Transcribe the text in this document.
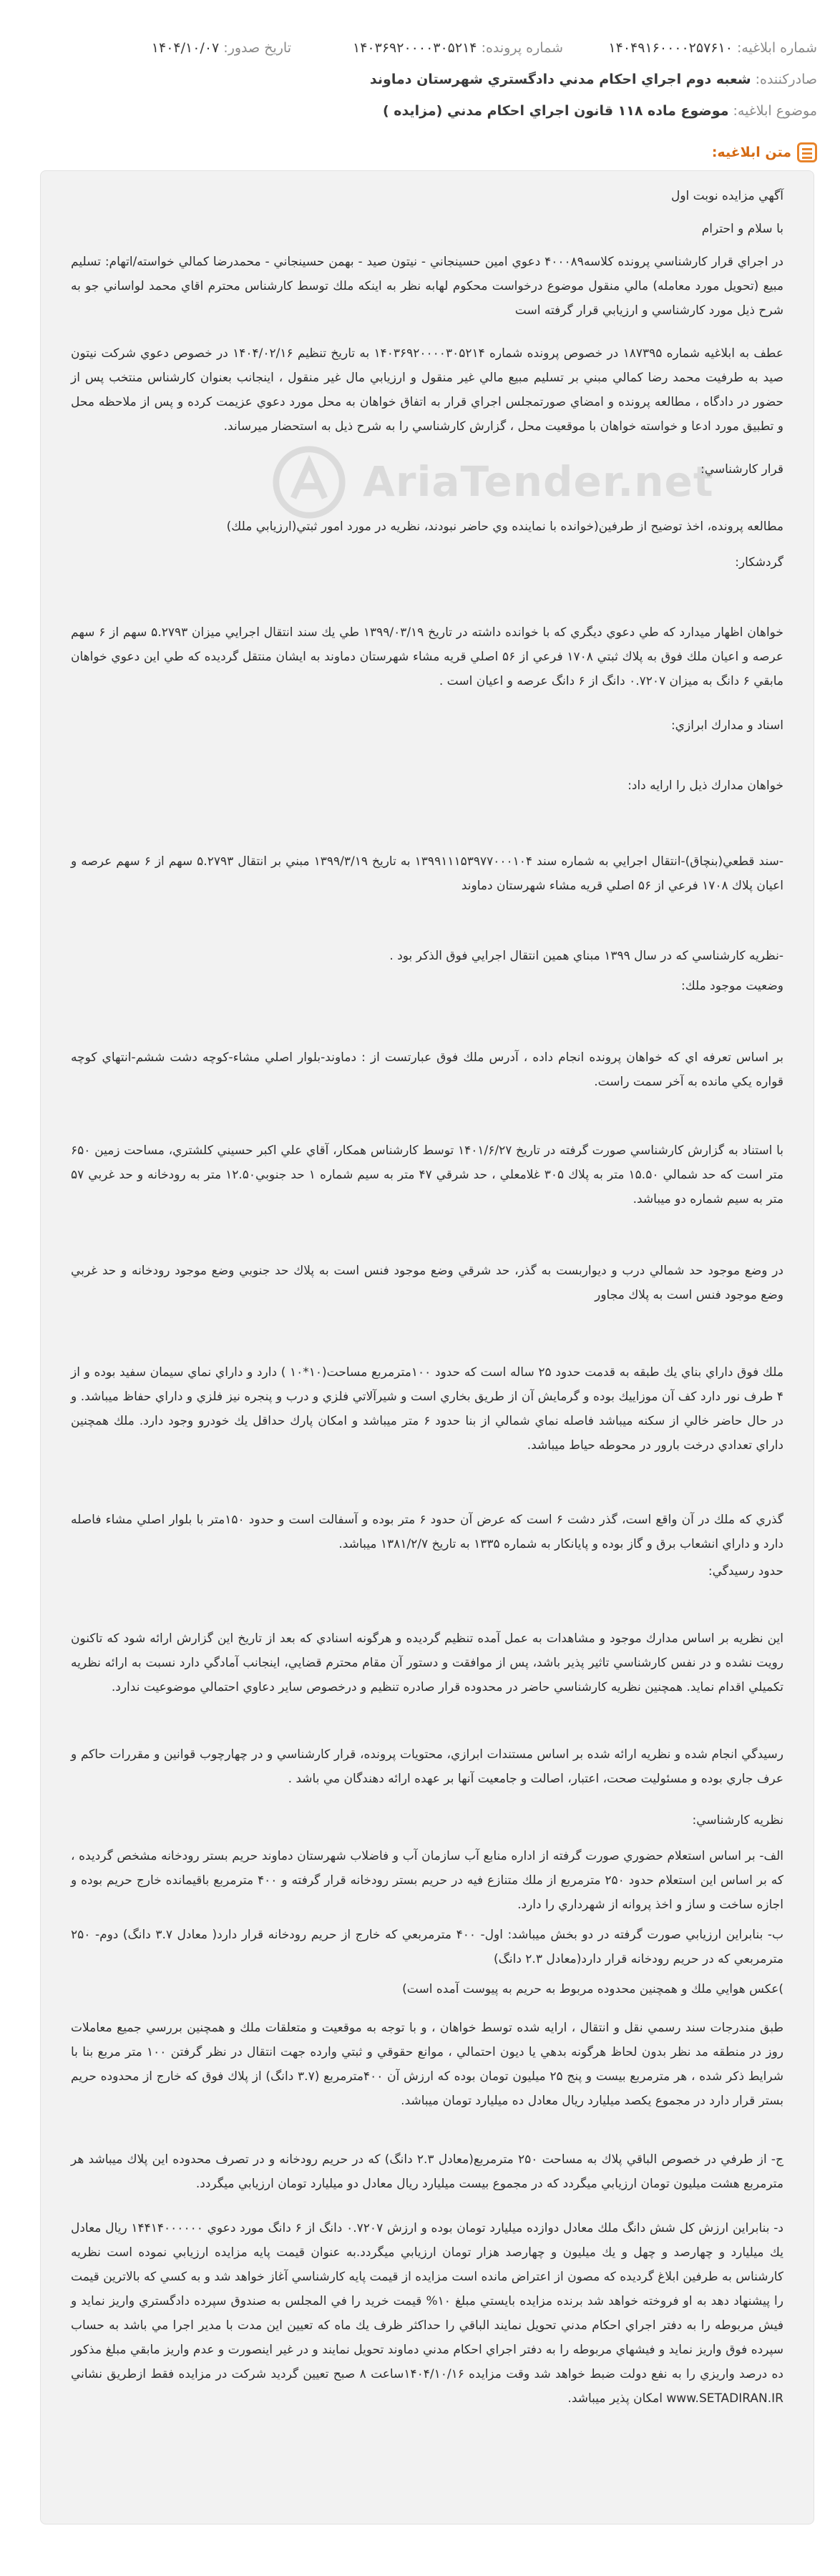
شماره ابلاغیه: ۱۴۰۴۹۱۶۰۰۰۰۲۵۷۶۱۰
شماره پرونده: ۱۴۰۳۶۹۲۰۰۰۰۳۰۵۲۱۴
تاریخ صدور: ۱۴۰۴/۱۰/۰۷
صادرکننده: شعبه دوم اجراي احكام مدني دادگستري شهرستان دماوند
موضوع ابلاغیه: موضوع ماده ۱۱۸ قانون اجراي احكام مدني (مزايده )
متن ابلاغیه:
AriaTender.net
آگهي مزايده نوبت اول
با سلام و احترام
در اجراي قرار كارشناسي پرونده كلاسه۴۰۰۰۸۹ دعوي امين حسينجاني - نيتون صيد - بهمن حسينجاني - محمدرضا كمالي خواسته/اتهام: تسليم مبيع (تحويل مورد معامله) مالي منقول موضوع درخواست محكوم لهابه نظر به اينكه ملك توسط كارشناس محترم اقاي محمد لواساني جو به شرح ذيل مورد كارشناسي و ارزيابي قرار گرفته است
عطف به ابلاغيه شماره ۱۸۷۳۹۵ در خصوص پرونده شماره ۱۴۰۳۶۹۲۰۰۰۰۳۰۵۲۱۴ به تاريخ تنظيم ۱۴۰۴/۰۲/۱۶ در خصوص دعوي شركت نيتون صيد به طرفيت محمد رضا كمالي مبني بر تسليم مبيع مالي غير منقول و ارزيابي مال غير منقول ، اينجانب بعنوان كارشناس منتخب پس از حضور در دادگاه ، مطالعه پرونده و امضاي صورتمجلس اجراي قرار به اتفاق خواهان به محل مورد دعوي عزيمت كرده و پس از ملاحظه محل و تطبيق مورد ادعا و خواسته خواهان با موقعيت محل ، گزارش كارشناسي را به شرح ذيل به استحضار ميرساند.
قرار كارشناسي:
مطالعه پرونده، اخذ توضيح از طرفين(خوانده با نماينده وي حاضر نبودند، نظريه در مورد امور ثبتي(ارزيابي ملك)
گردشكار:
خواهان اظهار ميدارد كه طي دعوي ديگري كه با خوانده داشته در تاريخ ۱۳۹۹/۰۳/۱۹ طي يك سند انتقال اجرايي ميزان ۵.۲۷۹۳ سهم از ۶ سهم عرصه و اعيان ملك فوق به پلاك ثبتي ۱۷۰۸ فرعي از ۵۶ اصلي قريه مشاء شهرستان دماوند به ايشان منتقل گرديده كه طي اين دعوي خواهان مابقي ۶ دانگ به ميزان ۰.۷۲۰۷ دانگ از ۶ دانگ عرصه و اعيان است .
اسناد و مدارك ابرازي:
خواهان مدارك ذيل را ارايه داد:
-سند قطعي(بنچاق)-انتقال اجرايي به شماره سند ۱۳۹۹۱۱۱۵۳۹۷۷۰۰۰۱۰۴ به تاريخ ۱۳۹۹/۳/۱۹ مبني بر انتقال ۵.۲۷۹۳ سهم از ۶ سهم عرصه و اعيان پلاك ۱۷۰۸ فرعي از ۵۶ اصلي قريه مشاء شهرستان دماوند
-نظريه كارشناسي كه در سال ۱۳۹۹ مبناي همين انتقال اجرايي فوق الذكر بود .
وضعيت موجود ملك:
بر اساس تعرفه اي كه خواهان پرونده انجام داده ، آدرس ملك فوق عبارتست از : دماوند-بلوار اصلي مشاء-كوچه دشت ششم-انتهاي كوچه قواره يكي مانده به آخر سمت راست.
با استناد به گزارش كارشناسي صورت گرفته در تاريخ ۱۴۰۱/۶/۲۷ توسط كارشناس همكار، آقاي علي اكبر حسيني كلشتري، مساحت زمين ۶۵۰ متر است كه حد شمالي ۱۵.۵۰ متر به پلاك ۳۰۵ غلامعلي ، حد شرقي ۴۷ متر به سيم شماره ۱ حد جنوبي۱۲.۵۰ متر به رودخانه و حد غربي ۵۷ متر به سيم شماره دو ميباشد.
در وضع موجود حد شمالي درب و ديواربست به گذر، حد شرقي وضع موجود فنس است به پلاك حد جنوبي وضع موجود رودخانه و حد غربي وضع موجود فنس است به پلاك مجاور
ملك فوق داراي بناي يك طبقه به قدمت حدود ۲۵ ساله است كه حدود ۱۰۰مترمربع مساحت(۱۰*۱۰ ) دارد و داراي نماي سيمان سفيد بوده و از ۴ طرف نور دارد كف آن موزاييك بوده و گرمايش آن از طريق بخاري است و شيرآلاتي فلزي و درب و پنجره نيز فلزي و داراي حفاظ ميباشد. و در حال حاضر خالي از سكنه ميباشد فاصله نماي شمالي از بنا حدود ۶ متر ميباشد و امكان پارك حداقل يك خودرو وجود دارد. ملك همچنين داراي تعدادي درخت بارور در محوطه حياط ميباشد.
گذري كه ملك در آن واقع است، گذر دشت ۶ است كه عرض آن حدود ۶ متر بوده و آسفالت است و حدود ۱۵۰متر با بلوار اصلي مشاء فاصله دارد و داراي انشعاب برق و گاز بوده و پايانكار به شماره ۱۳۳۵ به تاريخ ۱۳۸۱/۲/۷ ميباشد.
حدود رسيدگي:
اين نظريه بر اساس مدارك موجود و مشاهدات به عمل آمده تنظيم گرديده و هرگونه اسنادي كه بعد از تاريخ اين گزارش ارائه شود كه تاكنون رويت نشده و در نفس كارشناسي تاثير پذير باشد، پس از موافقت و دستور آن مقام محترم قضايي، اينجانب آمادگي دارد نسبت به ارائه نظريه تكميلي اقدام نمايد. همچنين نظريه كارشناسي حاضر در محدوده قرار صادره تنظيم و درخصوص ساير دعاوي احتمالي موضوعيت ندارد.
رسيدگي انجام شده و نظريه ارائه شده بر اساس مستندات ابرازي، محتويات پرونده، قرار كارشناسي و در چهارچوب قوانين و مقررات حاكم و عرف جاري بوده و مسئوليت صحت، اعتبار، اصالت و جامعيت آنها بر عهده ارائه دهندگان مي باشد .
نظريه كارشناسي:
الف- بر اساس استعلام حضوري صورت گرفته از اداره منابع آب سازمان آب و فاضلاب شهرستان دماوند حريم بستر رودخانه مشخص گرديده ، كه بر اساس اين استعلام حدود ۲۵۰ مترمربع از ملك متنازع فيه در حريم بستر رودخانه قرار گرفته و ۴۰۰ مترمربع باقيمانده خارج حريم بوده و اجازه ساخت و ساز و اخذ پروانه از شهرداري را دارد.
ب- بنابراين ارزيابي صورت گرفته در دو بخش ميباشد: اول- ۴۰۰ مترمربعي كه خارج از حريم رودخانه قرار دارد( معادل ۳.۷ دانگ) دوم- ۲۵۰ مترمربعي كه در حريم رودخانه قرار دارد(معادل ۲.۳ دانگ)
)عكس هوايي ملك و همچنين محدوده مربوط به حريم به پيوست آمده است)
طبق مندرجات سند رسمي نقل و انتقال ، ارايه شده توسط خواهان ، و با توجه به موقعيت و متعلقات ملك و همچنين بررسي جميع معاملات روز در منطقه مد نظر بدون لحاظ هرگونه بدهي يا ديون احتمالي ، موانع حقوقي و ثبتي وارده جهت انتقال در نظر گرفتن ۱۰۰ متر مربع بنا با شرايط ذكر شده ، هر مترمربع بيست و پنج ۲۵ ميليون تومان بوده كه ارزش آن ۴۰۰مترمربع (۳.۷ دانگ) از پلاك فوق كه خارج از محدوده حريم بستر قرار دارد در مجموع يكصد ميليارد ريال معادل ده ميليارد تومان ميباشد.
ج- از طرفي در خصوص الباقي پلاك به مساحت ۲۵۰ مترمربع(معادل ۲.۳ دانگ) كه در حريم رودخانه و در تصرف محدوده اين پلاك ميباشد هر مترمربع هشت ميليون تومان ارزيابي ميگردد كه در مجموع بيست ميليارد ريال معادل دو ميليارد تومان ارزيابي ميگردد.
د- بنابراين ارزش كل شش دانگ ملك معادل دوازده ميليارد تومان بوده و ارزش ۰.۷۲۰۷ دانگ از ۶ دانگ مورد دعوي ۱۴۴۱۴۰۰۰۰۰۰ ريال معادل يك ميليارد و چهارصد و چهل و يك ميليون و چهارصد هزار تومان ارزيابي ميگردد.به عنوان قيمت پايه مزايده ارزيابي نموده است نظريه كارشناس به طرفين ابلاغ گرديده كه مصون از اعتراض مانده است مزايده از قيمت پايه كارشناسي آغاز خواهد شد و به كسي كه بالاترين قيمت را پيشنهاد دهد به او فروخته خواهد شد برنده مزايده بايستي مبلغ ۱۰% قيمت خريد را في المجلس به صندوق سپرده دادگستري واريز نمايد و فيش مربوطه را به دفتر اجراي احكام مدني تحويل نمايند الباقي را حداكثر ظرف يك ماه كه تعيين اين مدت با مدير اجرا مي باشد به حساب سپرده فوق واريز نمايد و فيشهاي مربوطه را به دفتر اجراي احكام مدني دماوند تحويل نمايند و در غير اينصورت و عدم واريز مابقي مبلغ مذكور ده درصد واريزي را به نفع دولت ضبط خواهد شد وقت مزايده ۱۴۰۴/۱۰/۱۶ساعت ۸ صبح تعيين گرديد شركت در مزايده فقط ازطريق نشاني www.SETADIRAN.IR امكان پذير ميباشد.
